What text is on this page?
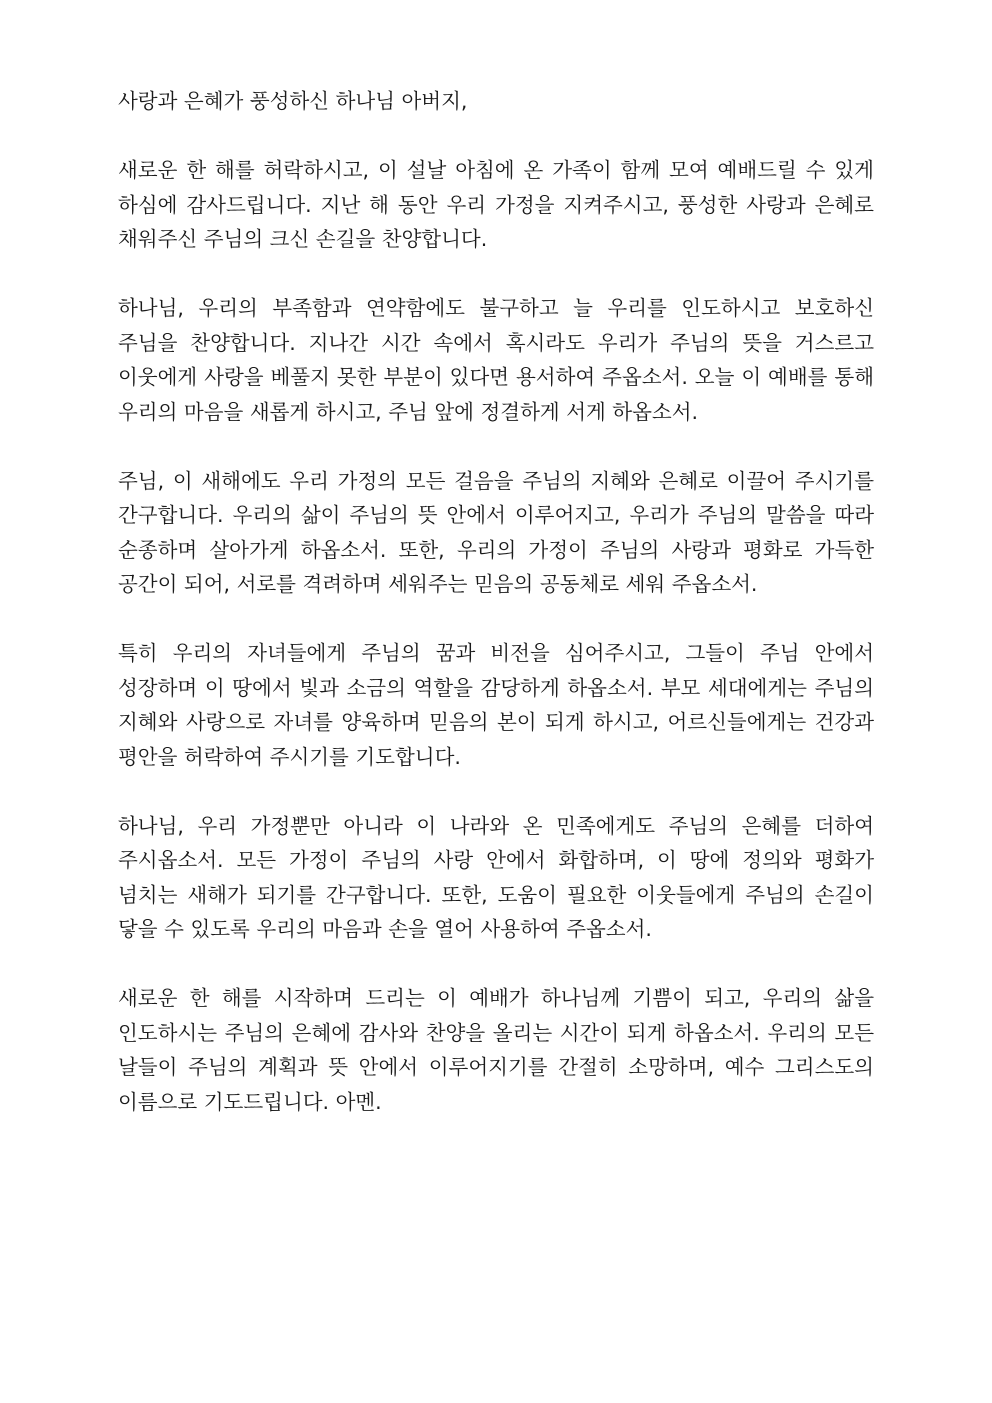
사랑과 은혜가 풍성하신 하나님 아버지,

새로운 한 해를 허락하시고, 이 설날 아침에 온 가족이 함께 모여 예배드릴 수 있게 하심에 감사드립니다. 지난 해 동안 우리 가정을 지켜주시고, 풍성한 사랑과 은혜로 채워주신 주님의 크신 손길을 찬양합니다.

하나님, 우리의 부족함과 연약함에도 불구하고 늘 우리를 인도하시고 보호하신 주님을 찬양합니다. 지나간 시간 속에서 혹시라도 우리가 주님의 뜻을 거스르고 이웃에게 사랑을 베풀지 못한 부분이 있다면 용서하여 주옵소서. 오늘 이 예배를 통해 우리의 마음을 새롭게 하시고, 주님 앞에 정결하게 서게 하옵소서.

주님, 이 새해에도 우리 가정의 모든 걸음을 주님의 지혜와 은혜로 이끌어 주시기를 간구합니다. 우리의 삶이 주님의 뜻 안에서 이루어지고, 우리가 주님의 말씀을 따라 순종하며 살아가게 하옵소서. 또한, 우리의 가정이 주님의 사랑과 평화로 가득한 공간이 되어, 서로를 격려하며 세워주는 믿음의 공동체로 세워 주옵소서.

특히 우리의 자녀들에게 주님의 꿈과 비전을 심어주시고, 그들이 주님 안에서 성장하며 이 땅에서 빛과 소금의 역할을 감당하게 하옵소서. 부모 세대에게는 주님의 지혜와 사랑으로 자녀를 양육하며 믿음의 본이 되게 하시고, 어르신들에게는 건강과 평안을 허락하여 주시기를 기도합니다.

하나님, 우리 가정뿐만 아니라 이 나라와 온 민족에게도 주님의 은혜를 더하여 주시옵소서. 모든 가정이 주님의 사랑 안에서 화합하며, 이 땅에 정의와 평화가 넘치는 새해가 되기를 간구합니다. 또한, 도움이 필요한 이웃들에게 주님의 손길이 닿을 수 있도록 우리의 마음과 손을 열어 사용하여 주옵소서.

새로운 한 해를 시작하며 드리는 이 예배가 하나님께 기쁨이 되고, 우리의 삶을 인도하시는 주님의 은혜에 감사와 찬양을 올리는 시간이 되게 하옵소서. 우리의 모든 날들이 주님의 계획과 뜻 안에서 이루어지기를 간절히 소망하며, 예수 그리스도의 이름으로 기도드립니다. 아멘.
